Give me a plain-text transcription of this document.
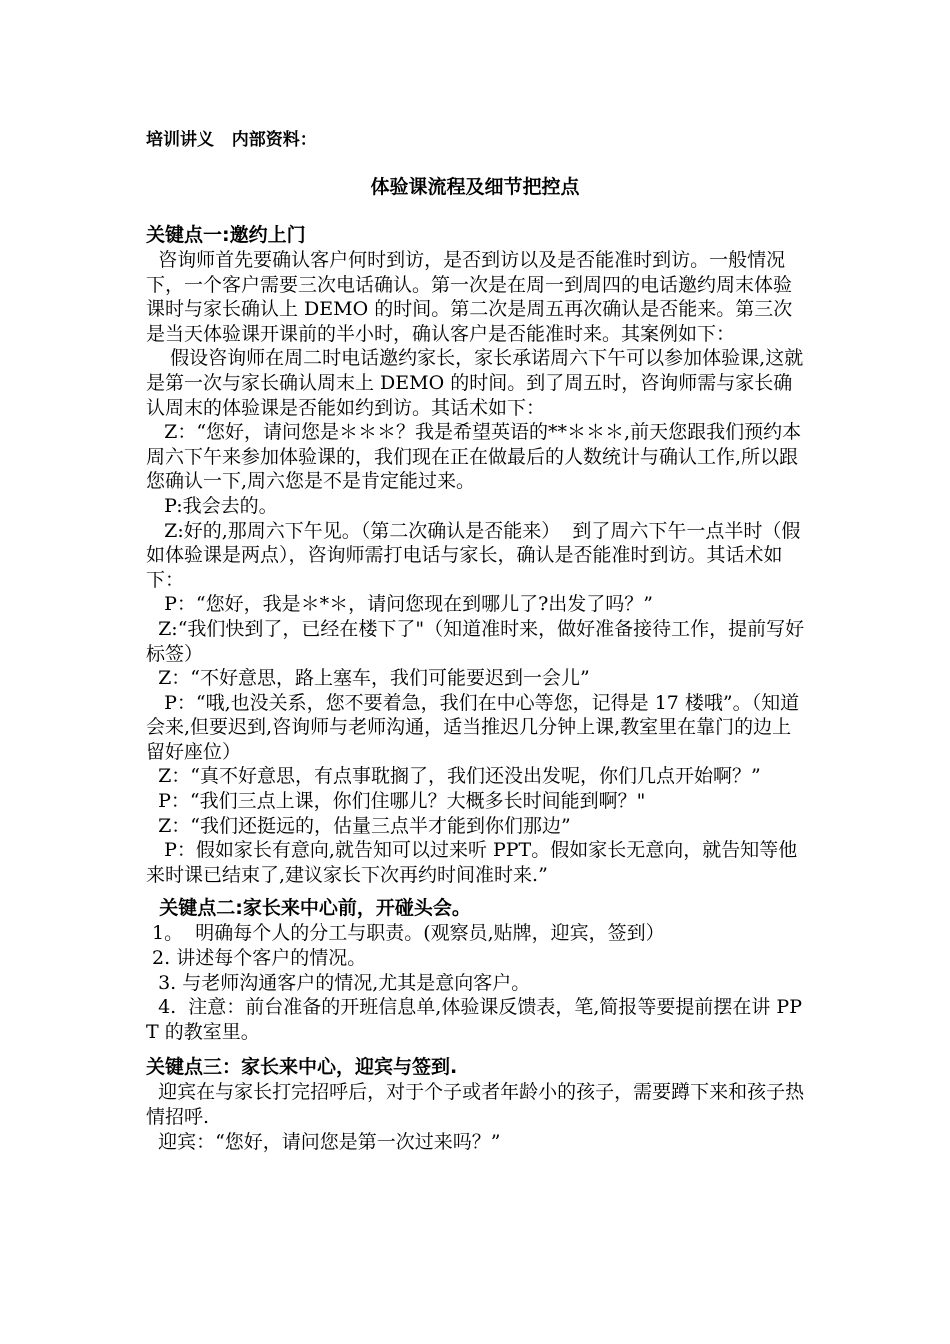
培训讲义   内部资料：
体验课流程及细节把控点

关键点一:邀约上门

咨询师首先要确认客户何时到访，是否到访以及是否能准时到访。一般情况下，一个客户需要三次电话确认。第一次是在周一到周四的电话邀约周末体验课时与家长确认上 DEMO 的时间。第二次是周五再次确认是否能来。第三次是当天体验课开课前的半小时，确认客户是否能准时来。其案例如下：

假设咨询师在周二时电话邀约家长，家长承诺周六下午可以参加体验课,这就是第一次与家长确认周末上 DEMO 的时间。到了周五时，咨询师需与家长确认周末的体验课是否能如约到访。其话术如下：

Z：“您好，请问您是＊＊＊？我是希望英语的**＊＊＊,前天您跟我们预约本周六下午来参加体验课的，我们现在正在做最后的人数统计与确认工作,所以跟您确认一下,周六您是不是肯定能过来。

P:我会去的。

Z:好的,那周六下午见。（第二次确认是否能来）  到了周六下午一点半时（假如体验课是两点），咨询师需打电话与家长，确认是否能准时到访。其话术如下：

P：“您好，我是＊*＊，请问您现在到哪儿了?出发了吗？”

Z:“我们快到了，已经在楼下了"（知道准时来，做好准备接待工作，提前写好标签）

Z：“不好意思，路上塞车，我们可能要迟到一会儿”

P：“哦,也没关系，您不要着急，我们在中心等您，记得是 17 楼哦”。（知道会来,但要迟到,咨询师与老师沟通，适当推迟几分钟上课,教室里在靠门的边上留好座位）

Z：“真不好意思，有点事耽搁了，我们还没出发呢，你们几点开始啊？”

P：“我们三点上课，你们住哪儿？大概多长时间能到啊？"

Z：“我们还挺远的，估量三点半才能到你们那边”

P：假如家长有意向,就告知可以过来听 PPT。假如家长无意向，就告知等他来时课已结束了,建议家长下次再约时间准时来.”

关键点二:家长来中心前，开碰头会。

1。  明确每个人的分工与职责。(观察员,贴牌，迎宾，签到）

2. 讲述每个客户的情况。

3. 与老师沟通客户的情况,尤其是意向客户。

4.  注意：前台准备的开班信息单,体验课反馈表，笔,简报等要提前摆在讲 PPT 的教室里。

关键点三：家长来中心，迎宾与签到.

迎宾在与家长打完招呼后，对于个子或者年龄小的孩子，需要蹲下来和孩子热情招呼.

迎宾：“您好，请问您是第一次过来吗？”
